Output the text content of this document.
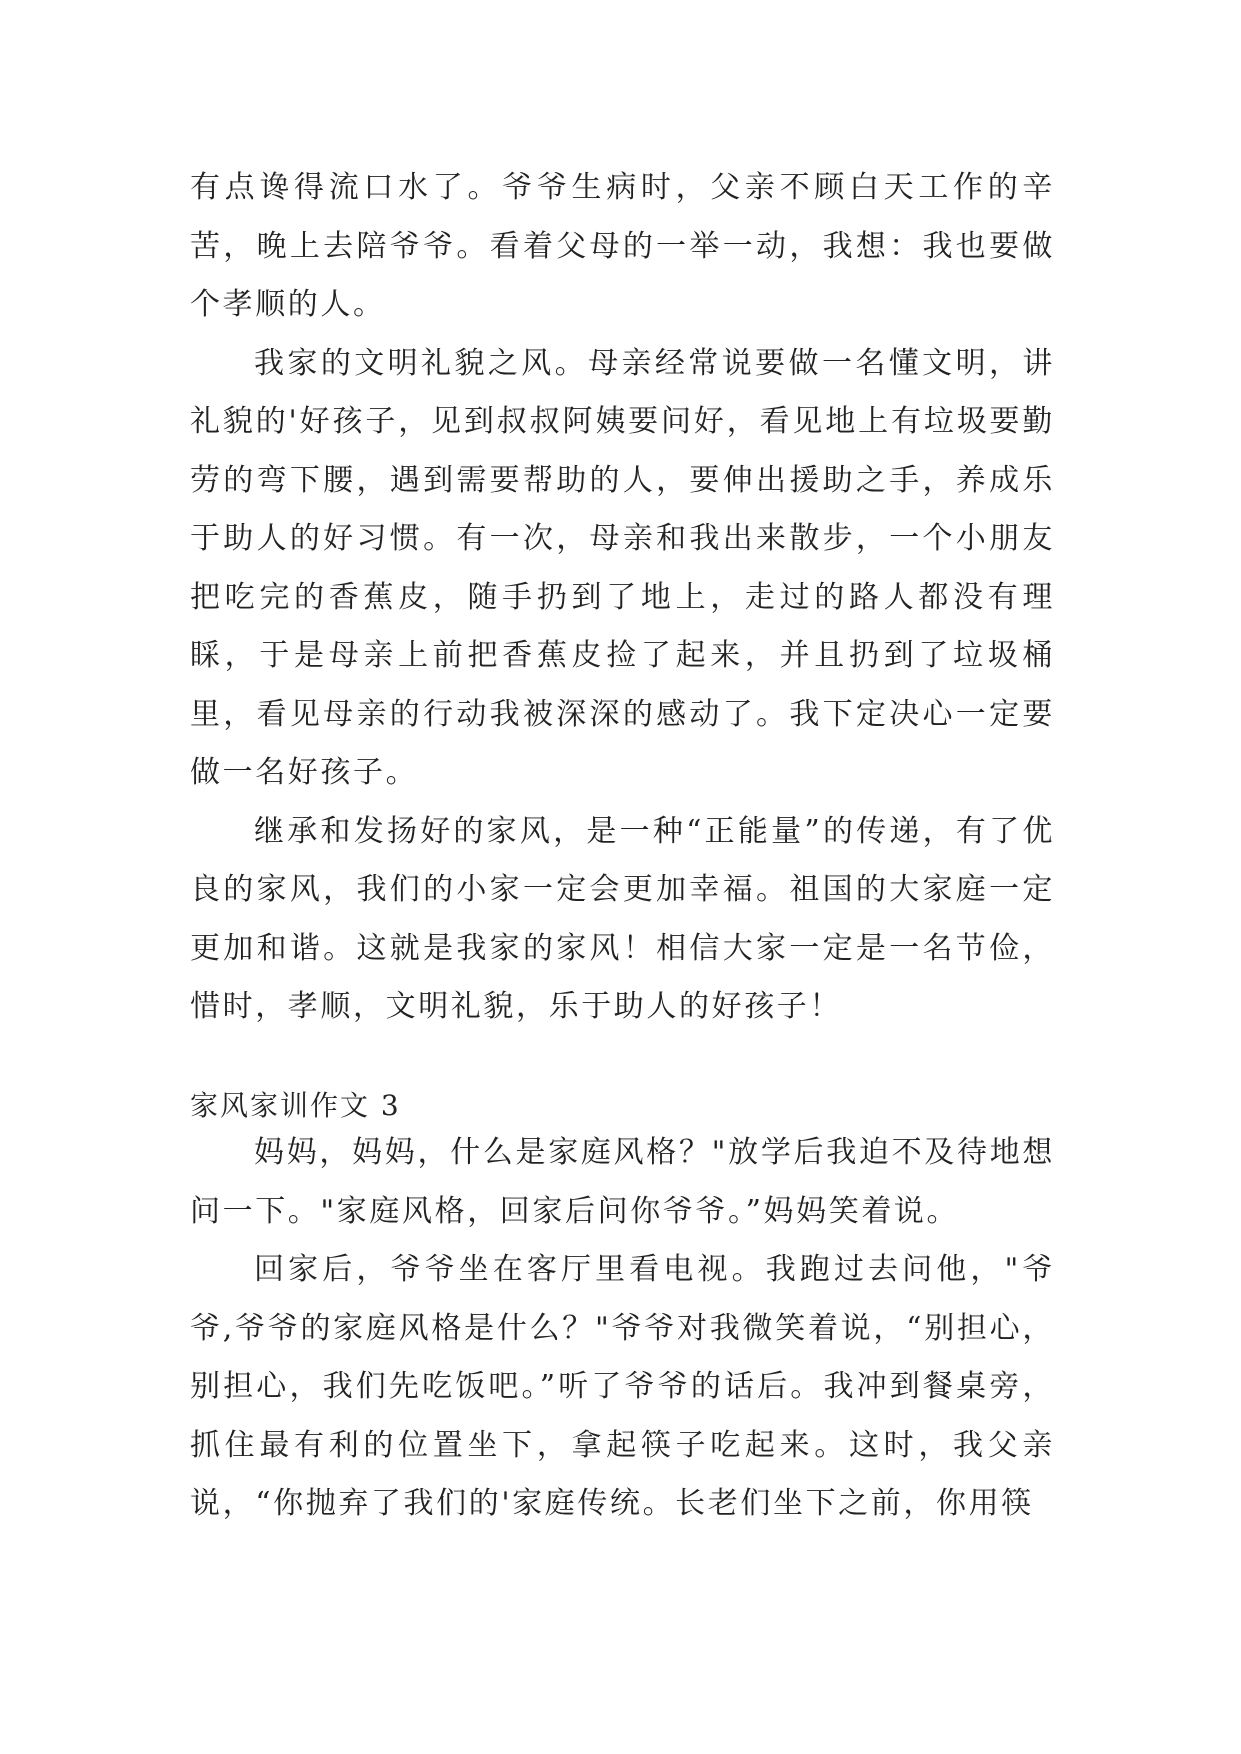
有点谗得流口水了。爷爷生病时，父亲不顾白天工作的辛苦，晚上去陪爷爷。看着父母的一举一动，我想：我也要做个孝顺的人。

我家的文明礼貌之风。母亲经常说要做一名懂文明，讲礼貌的'好孩子，见到叔叔阿姨要问好，看见地上有垃圾要勤劳的弯下腰，遇到需要帮助的人，要伸出援助之手，养成乐于助人的好习惯。有一次，母亲和我出来散步，一个小朋友把吃完的香蕉皮，随手扔到了地上，走过的路人都没有理睬，于是母亲上前把香蕉皮捡了起来，并且扔到了垃圾桶里，看见母亲的行动我被深深的感动了。我下定决心一定要做一名好孩子。

继承和发扬好的家风，是一种“正能量”的传递，有了优良的家风，我们的小家一定会更加幸福。祖国的大家庭一定更加和谐。这就是我家的家风！相信大家一定是一名节俭，惜时，孝顺，文明礼貌，乐于助人的好孩子！

家风家训作文 3

妈妈，妈妈，什么是家庭风格？"放学后我迫不及待地想问一下。"家庭风格，回家后问你爷爷。”妈妈笑着说。

回家后，爷爷坐在客厅里看电视。我跑过去问他，"爷爷,爷爷的家庭风格是什么？"爷爷对我微笑着说，“别担心，别担心，我们先吃饭吧。”听了爷爷的话后。我冲到餐桌旁，抓住最有利的位置坐下，拿起筷子吃起来。这时，我父亲说，“你抛弃了我们的'家庭传统。长老们坐下之前，你用筷
